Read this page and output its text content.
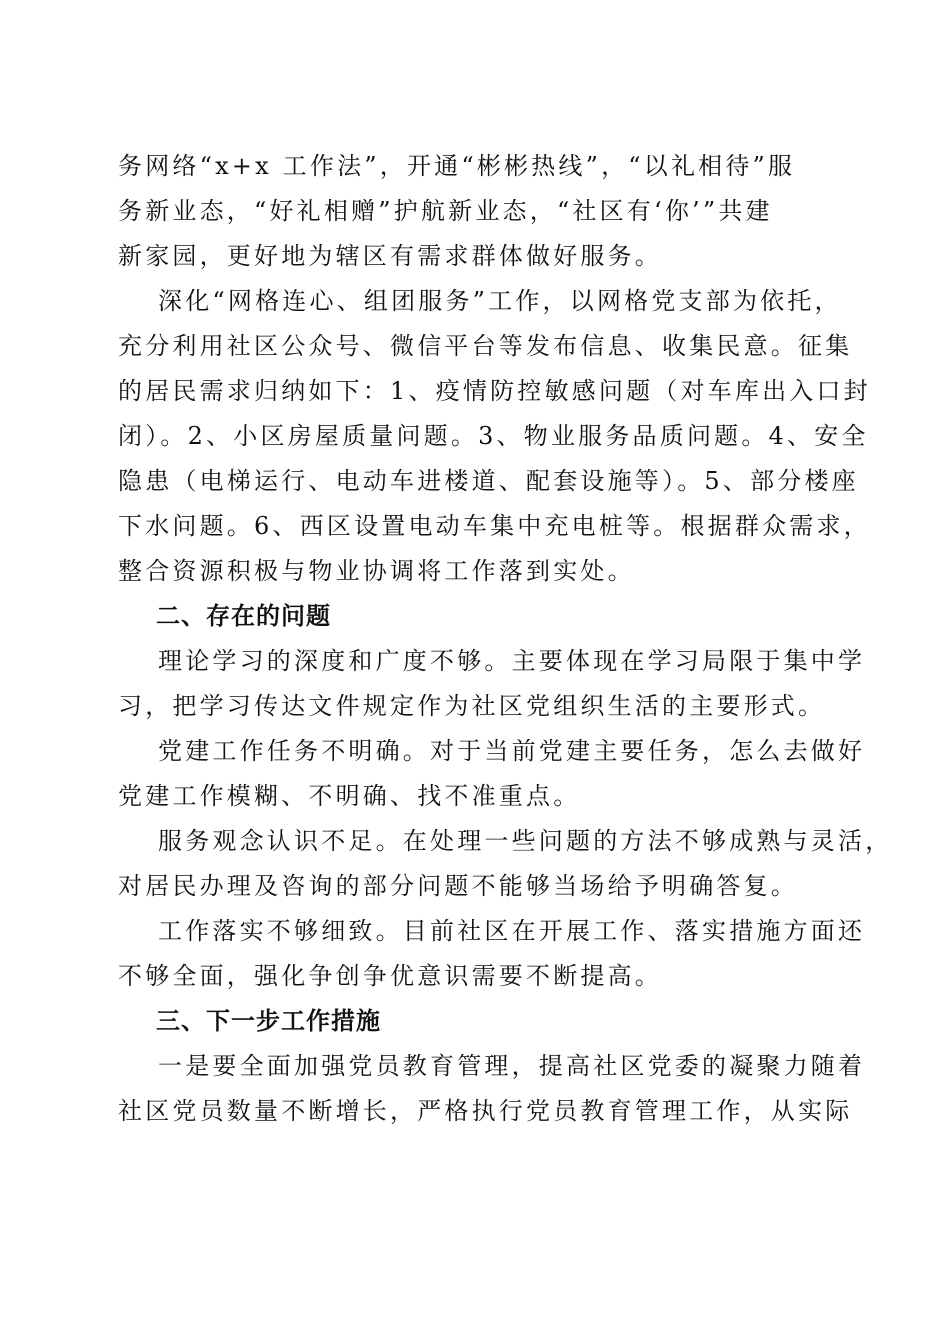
务网络“x+x 工作法”，开通“彬彬热线”，“以礼相待”服
务新业态，“好礼相赠”护航新业态，“社区有‘你’”共建
新家园，更好地为辖区有需求群体做好服务。
深化“网格连心、组团服务”工作，以网格党支部为依托，
充分利用社区公众号、微信平台等发布信息、收集民意。征集
的居民需求归纳如下：1、疫情防控敏感问题（对车库出入口封
闭）。2、小区房屋质量问题。3、物业服务品质问题。4、安全
隐患（电梯运行、电动车进楼道、配套设施等）。5、部分楼座
下水问题。6、西区设置电动车集中充电桩等。根据群众需求，
整合资源积极与物业协调将工作落到实处。
二、存在的问题
理论学习的深度和广度不够。主要体现在学习局限于集中学
习，把学习传达文件规定作为社区党组织生活的主要形式。
党建工作任务不明确。对于当前党建主要任务，怎么去做好
党建工作模糊、不明确、找不准重点。
服务观念认识不足。在处理一些问题的方法不够成熟与灵活，
对居民办理及咨询的部分问题不能够当场给予明确答复。
工作落实不够细致。目前社区在开展工作、落实措施方面还
不够全面，强化争创争优意识需要不断提高。
三、下一步工作措施
一是要全面加强党员教育管理，提高社区党委的凝聚力随着
社区党员数量不断增长，严格执行党员教育管理工作，从实际
